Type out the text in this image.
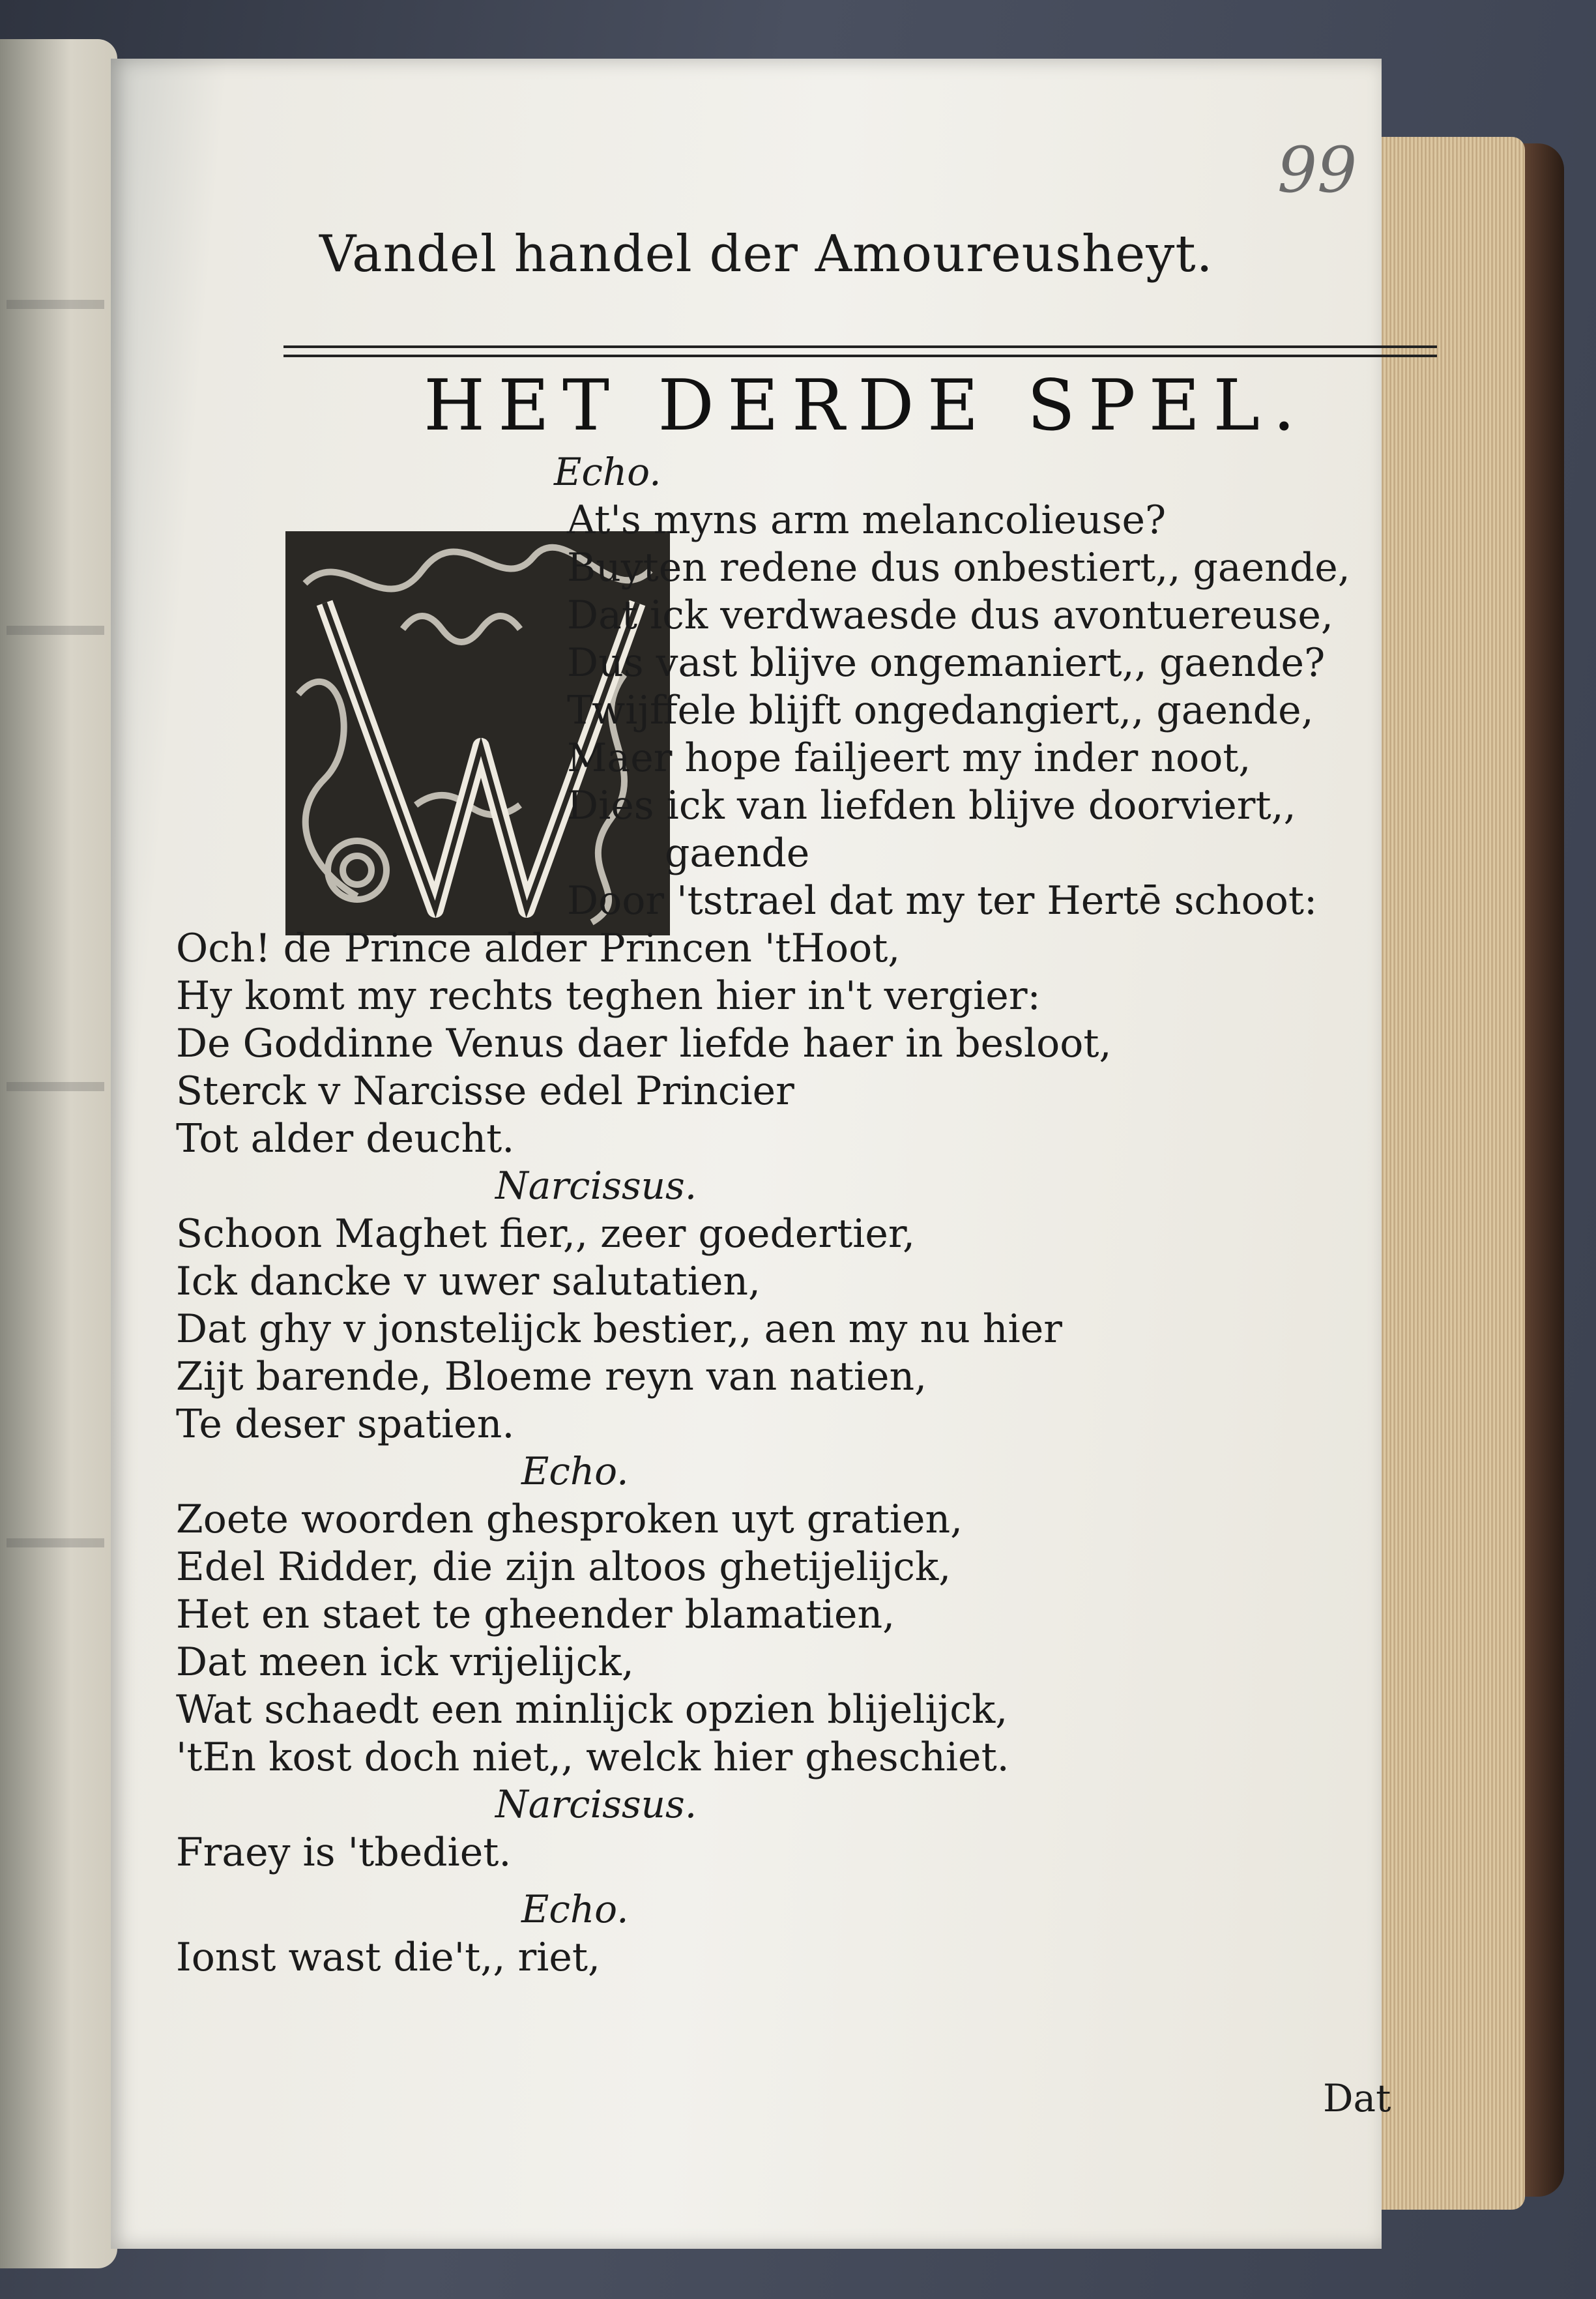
99
Vandel handel der Amoureusheyt.
HET DERDE SPEL.
Echo.
At's myns arm melancolieuse?
Buyten redene dus onbestiert,, gaende,
Dat ick verdwaesde dus avontuereuse,
Dus vast blijve ongemaniert,, gaende?
Twijffele blijft ongedangiert,, gaende,
Maer hope failjeert my inder noot,
Dies ick van liefden blijve doorviert,,
gaende
Door 'tstrael dat my ter Hertē schoot:
Och! de Prince alder Princen 'tHoot,
Hy komt my rechts teghen hier in't vergier:
De Goddinne Venus daer liefde haer in besloot,
Sterck v Narcisse edel Princier
Tot alder deucht.
Narcissus.
Schoon Maghet fier,, zeer goedertier,
Ick dancke v uwer salutatien,
Dat ghy v jonstelijck bestier,, aen my nu hier
Zijt barende, Bloeme reyn van natien,
Te deser spatien.
Echo.
Zoete woorden ghesproken uyt gratien,
Edel Ridder, die zijn altoos ghetijelijck,
Het en staet te gheender blamatien,
Dat meen ick vrijelijck,
Wat schaedt een minlijck opzien blijelijck,
'tEn kost doch niet,, welck hier gheschiet.
Narcissus.
Fraey is 'tbediet.
Echo.
Ionst wast die't,, riet,
Dat
